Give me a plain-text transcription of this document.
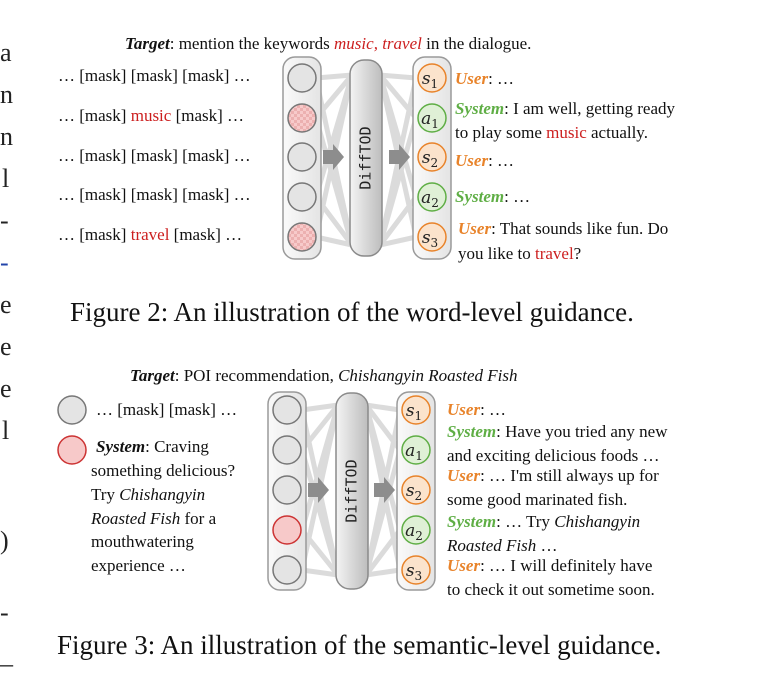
a
n
n
l
-
-
e
e
e
l
)
-
_
Target: mention the keywords music, travel in the dialogue.
… [mask] [mask] [mask] …
… [mask] music [mask] …
… [mask] [mask] [mask] …
… [mask] [mask] [mask] …
… [mask] travel [mask] …
DiffTOD
$s_1$
$a_1$
$s_2$
$a_2$
$s_3$
User: …
System: I am well, getting ready
to play some music actually.
User: …
System: …
User: That sounds like fun. Do
you like to travel?
Figure 2: An illustration of the word-level guidance.
Target: POI recommendation, Chishangyin Roasted Fish
DiffTOD
$s_1$
$a_1$
$s_2$
$a_2$
$s_3$
… [mask] [mask] …
System: Craving
something delicious?
Try Chishangyin
Roasted Fish for a
mouthwatering
experience …
User: …
System: Have you tried any new
and exciting delicious foods …
User: … I'm still always up for
some good marinated fish.
System: … Try Chishangyin
Roasted Fish …
User: … I will definitely have
to check it out sometime soon.
Figure 3: An illustration of the semantic-level guidance.
